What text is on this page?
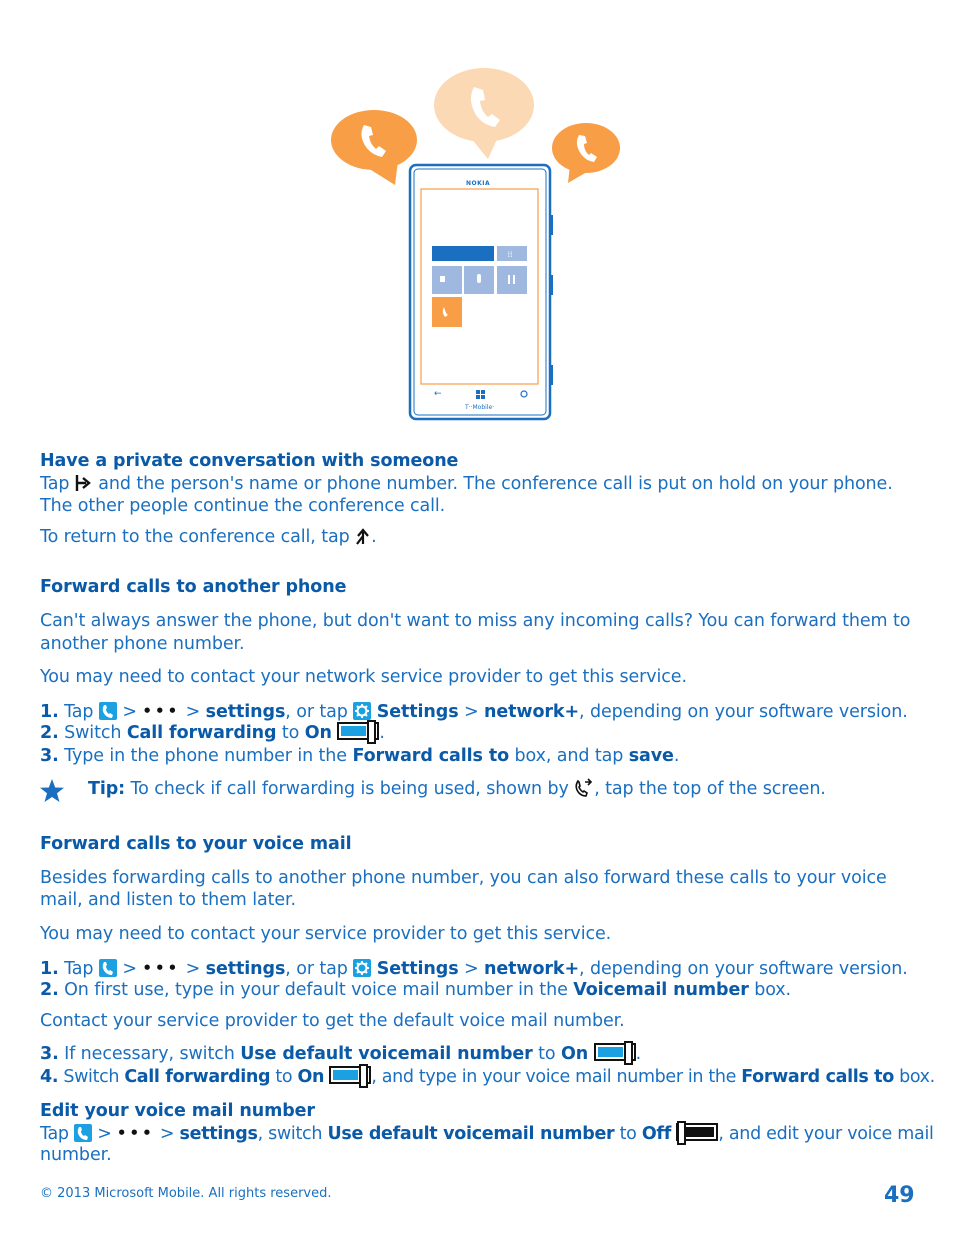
⁞⁞
←
NOKIA
T··Mobile·
Have a private conversation with someone
Tap  and the person's name or phone number. The conference call is put on hold on your phone.
The other people continue the conference call.
To return to the conference call, tap .
Forward calls to another phone
Can't always answer the phone, but don't want to miss any incoming calls? You can forward them to
another phone number.
You may need to contact your network service provider to get this service.
1. Tap
> ••• > settings, or tap  Settings > network+, depending on your software version.
2. Switch Call forwarding to On	.
3. Type in the phone number in the Forward calls to box, and tap save.
Tip: To check if call forwarding is being used, shown by , tap the top of the screen.
Forward calls to your voice mail
Besides forwarding calls to another phone number, you can also forward these calls to your voice
mail, and listen to them later.
You may need to contact your service provider to get this service.
1. Tap
> ••• > settings, or tap  Settings > network+, depending on your software version.
2. On first use, type in your default voice mail number in the Voicemail number box.
Contact your service provider to get the default voice mail number.
3. If necessary, switch Use default voicemail number to On	.
4. Switch Call forwarding to On	, and type in your voice mail number in the Forward calls to box.
Edit your voice mail number
Tap
> ••• > settings, switch Use default voicemail number to Off	, and edit your voice mail
number.
© 2013 Microsoft Mobile. All rights reserved.	49
